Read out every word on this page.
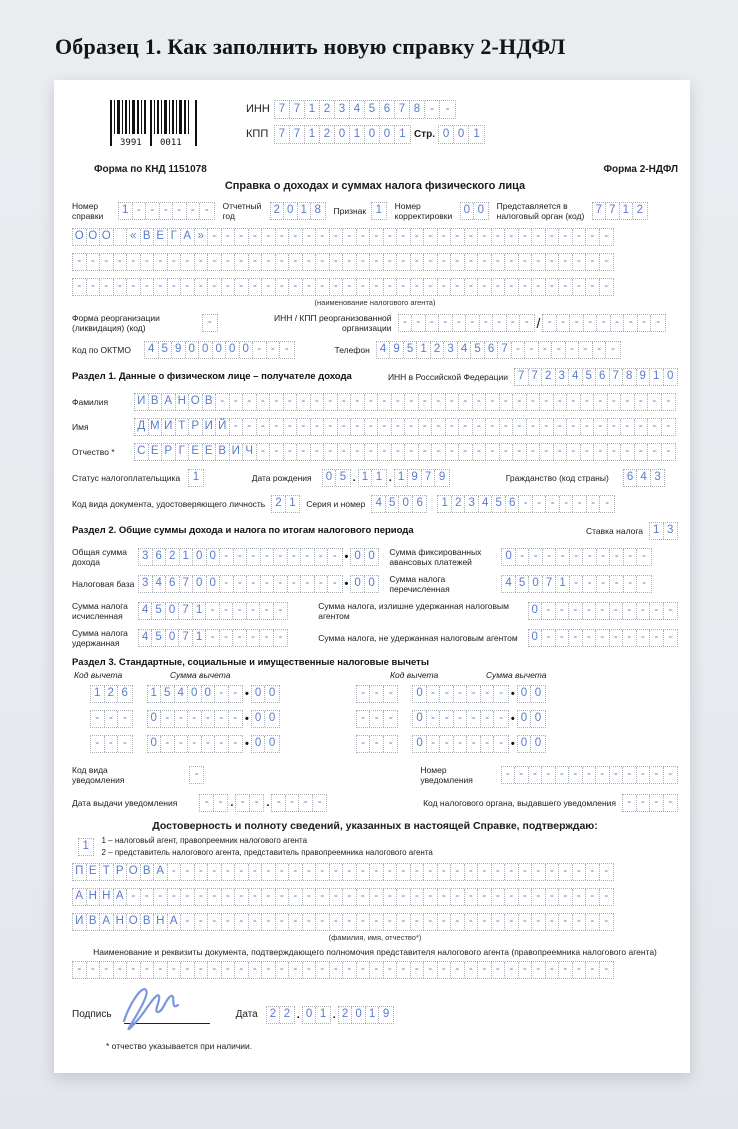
Образец 1. Как заполнить новую справку 2-НДФЛ
3991 0011
ИНН 7 7 1 2 3 4 5 6 7 8 -	-
КПП 7 7 1 2 0 1 0 0 1 Стр. 0 0 1
Форма по КНД 1151078	Форма 2-НДФЛ
Справка о доходах и суммах налога физического лица
Номер справки	1 - - - - - -	Отчетный год	2 0 1 8	Признак 1	Номер корректировки 0 0	Представляется в налоговый орган (код) 7 7 1 2
О О О
« В Е Г А » - - - - - - - - - - - - - - - - - - - - - - - - - - - - - -
- - - - - - - - - - - - - - - - - - - - - - - - - - - - - - - - - - - - - - - -
- - - - - - - - - - - - - - - - - - - - - - - - - - - - - - - - - - - - - - - -
(наименование налогового агента)
Форма реорганизации (ликвидация) (код)	-	ИНН / КПП реорганизованной организации - - - - - - - - - - / - - - - - - - - -
Код по ОКТМО	4 5 9 0 0 0 0 0 - - -	Телефон 4 9 5 1 2 3 4 5 6 7 - - - - - - - -
Раздел 1. Данные о физическом лице – получателе дохода	ИНН в Российской Федерации 7 7 2 3 4 5 6 7 8 9 1 0
Фамилия	И В А Н О В - - - - - - - - - - - - - - - - - - - - - - - - - - - - - - - - - -
Имя	Д М И Т Р И Й - - - - - - - - - - - - - - - - - - - - - - - - - - - - - - - - -
Отчество *	С Е Р Г Е Е В И Ч - - - - - - - - - - - - - - - - - - - - - - - - - - - - - - -
Статус налогоплательщика	1	Дата рождения 0 5 . 1 1 . 1 9 7 9	Гражданство (код страны) 6 4 3
Код вида документа, удостоверяющего личность 2 1	Серия и номер 4 5 0 6	1 2 3 4 5 6 - - - - - - -
Раздел 2. Общие суммы дохода и налога по итогам налогового периода	Ставка налога 1 3
Общая сумма дохода	3 6 2 1 0 0 - - - - - - - - - • 0 0	Сумма фиксированных авансовых платежей	0 - - - - - - - - - -
Налоговая база 3 4 6 7 0 0 - - - - - - - - - • 0 0	Сумма налога перечисленная	4 5 0 7 1 - - - - - -
Сумма налога исчисленная	4 5 0 7 1 - - - - - -	Сумма налога, излишне удержанная налоговым агентом	0 - - - - - - - - - -
Сумма налога удержанная	4 5 0 7 1 - - - - - -	Сумма налога, не удержанная налоговым агентом	0 - - - - - - - - - -
Раздел 3. Стандартные, социальные и имущественные налоговые вычеты
Код вычета	Сумма вычета	Код вычета	Сумма вычета
1 2 6	1 5 4 0 0 - - • 0 0	- - -	0 - - - - - - • 0 0
- - -	0 - - - - - - • 0 0	- - -	0 - - - - - - • 0 0
- - -	0 - - - - - - • 0 0	- - -	0 - - - - - - • 0 0
Код вида уведомления	-	Номер уведомления	- - - - - - - - - - - - -
Дата выдачи уведомления	- - . - - . - - - -	Код налогового органа, выдавшего уведомления - - - -
Достоверность и полноту сведений, указанных в настоящей Справке, подтверждаю:
1	1 – налоговый агент, правопреемник налогового агента
2 – представитель налогового агента, представитель правопреемника налогового агента
П Е Т Р О В А - - - - - - - - - - - - - - - - - - - - - - - - - - - - - - - - -
А Н Н А - - - - - - - - - - - - - - - - - - - - - - - - - - - - - - - - - - - -
И В А Н О В Н А - - - - - - - - - - - - - - - - - - - - - - - - - - - - - - - -
(фамилия, имя, отчество*)
Наименование и реквизиты документа, подтверждающего полномочия представителя налогового агента (правопреемника налогового агента)
- - - - - - - - - - - - - - - - - - - - - - - - - - - - - - - - - - - - - - - -
Подпись	Дата 2 2 . 0 1 . 2 0 1 9
* отчество указывается при наличии.
